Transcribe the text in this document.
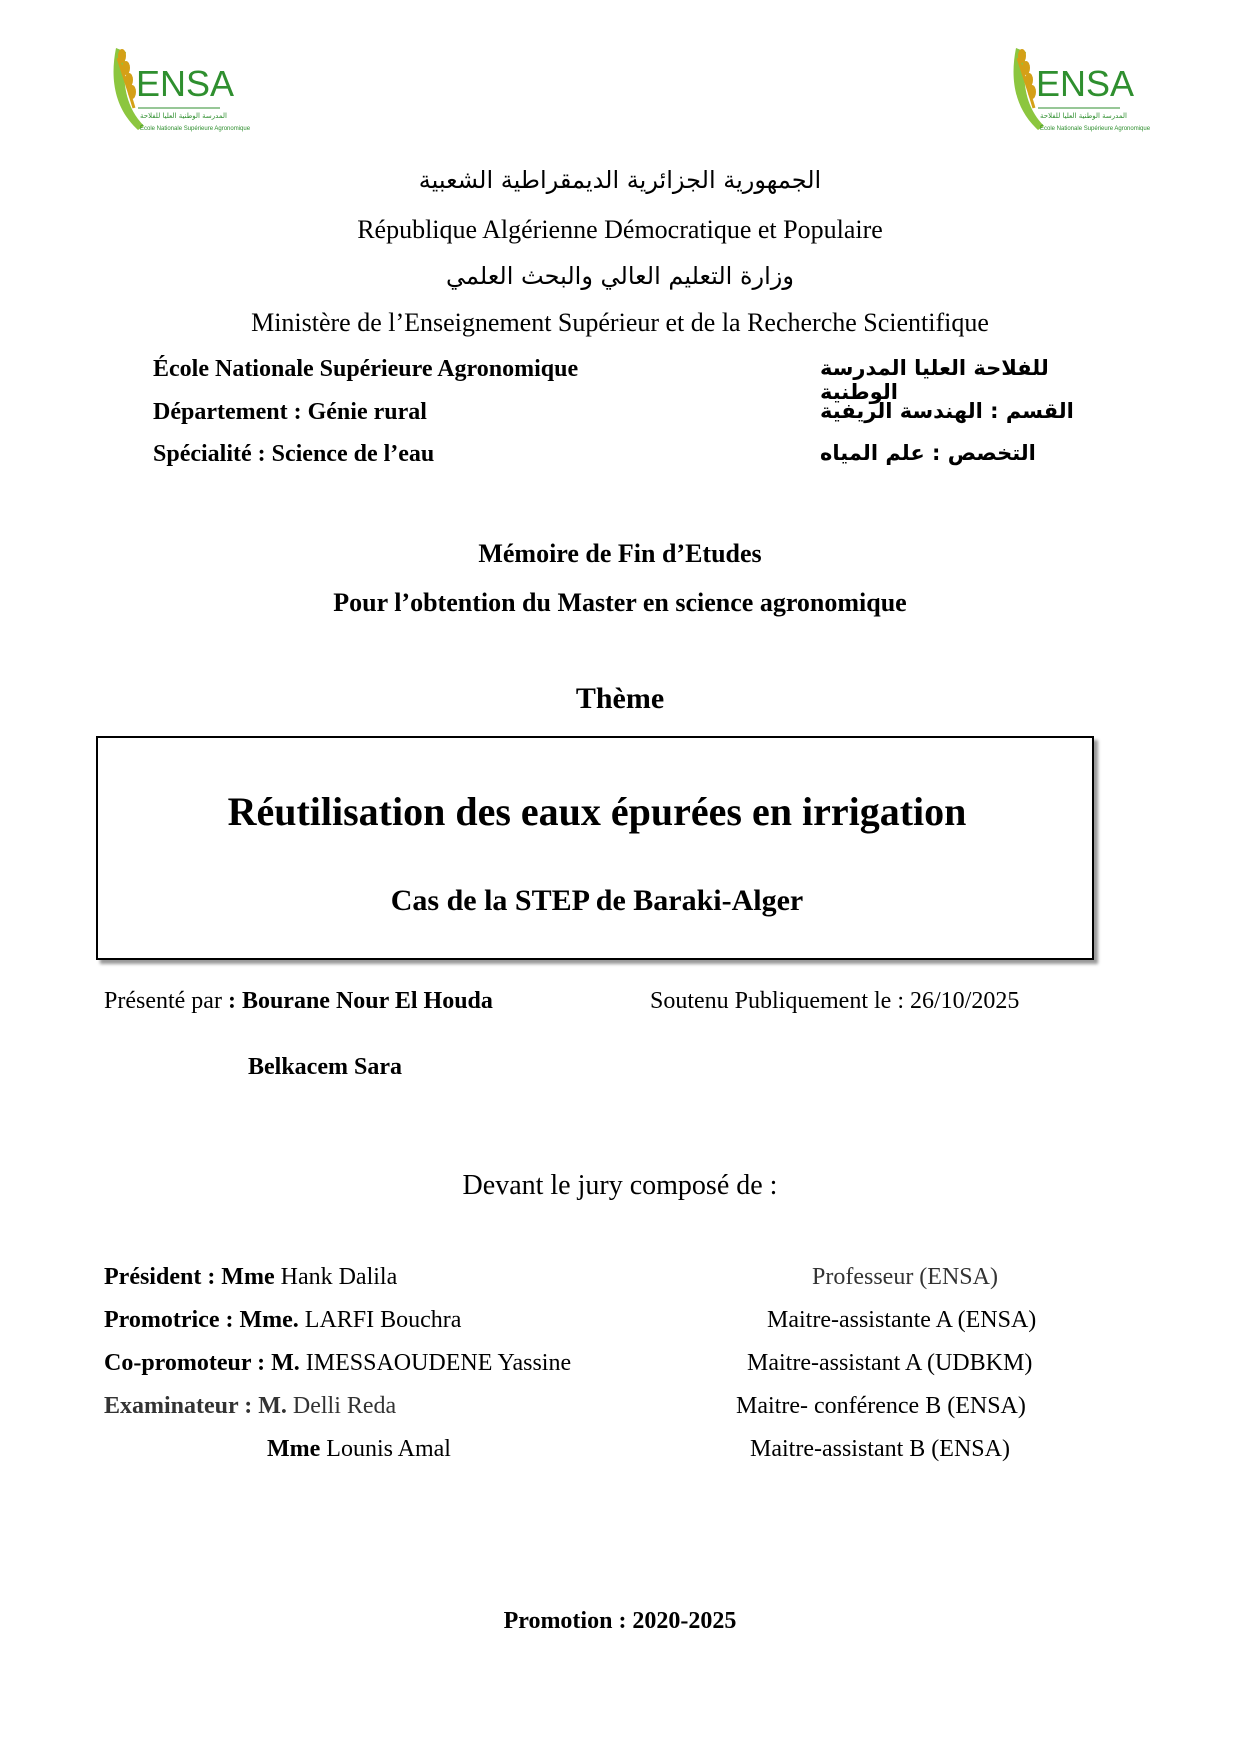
ENSA
المدرسة الوطنية العليا للفلاحة
École Nationale Supérieure Agronomique
ENSA
المدرسة الوطنية العليا للفلاحة
École Nationale Supérieure Agronomique
الجمهورية الجزائرية الديمقراطية الشعبية
République Algérienne Démocratique et Populaire
وزارة التعليم العالي والبحث العلمي
Ministère de l’Enseignement Supérieur et de la Recherche Scientifique
École Nationale Supérieure Agronomique	للفلاحة العليا المدرسة الوطنية
Département : Génie rural	القسم : الهندسة الريفية
Spécialité : Science de l’eau	التخصص : علم المياه
Mémoire de Fin d’Etudes
Pour l’obtention du Master en science agronomique
Thème
Réutilisation des eaux épurées en irrigation
Cas de la STEP de Baraki-Alger
Présenté par : Bourane Nour El Houda	Soutenu Publiquement le : 26/10/2025
Belkacem Sara
Devant le jury composé de :
Président : Mme Hank Dalila	Professeur (ENSA)
Promotrice : Mme. LARFI Bouchra	Maitre-assistante A (ENSA)
Co-promoteur : M. IMESSAOUDENE Yassine	Maitre-assistant A (UDBKM)
Examinateur : M. Delli Reda	Maitre- conférence B (ENSA)
Mme Lounis Amal	Maitre-assistant B (ENSA)
Promotion : 2020-2025
